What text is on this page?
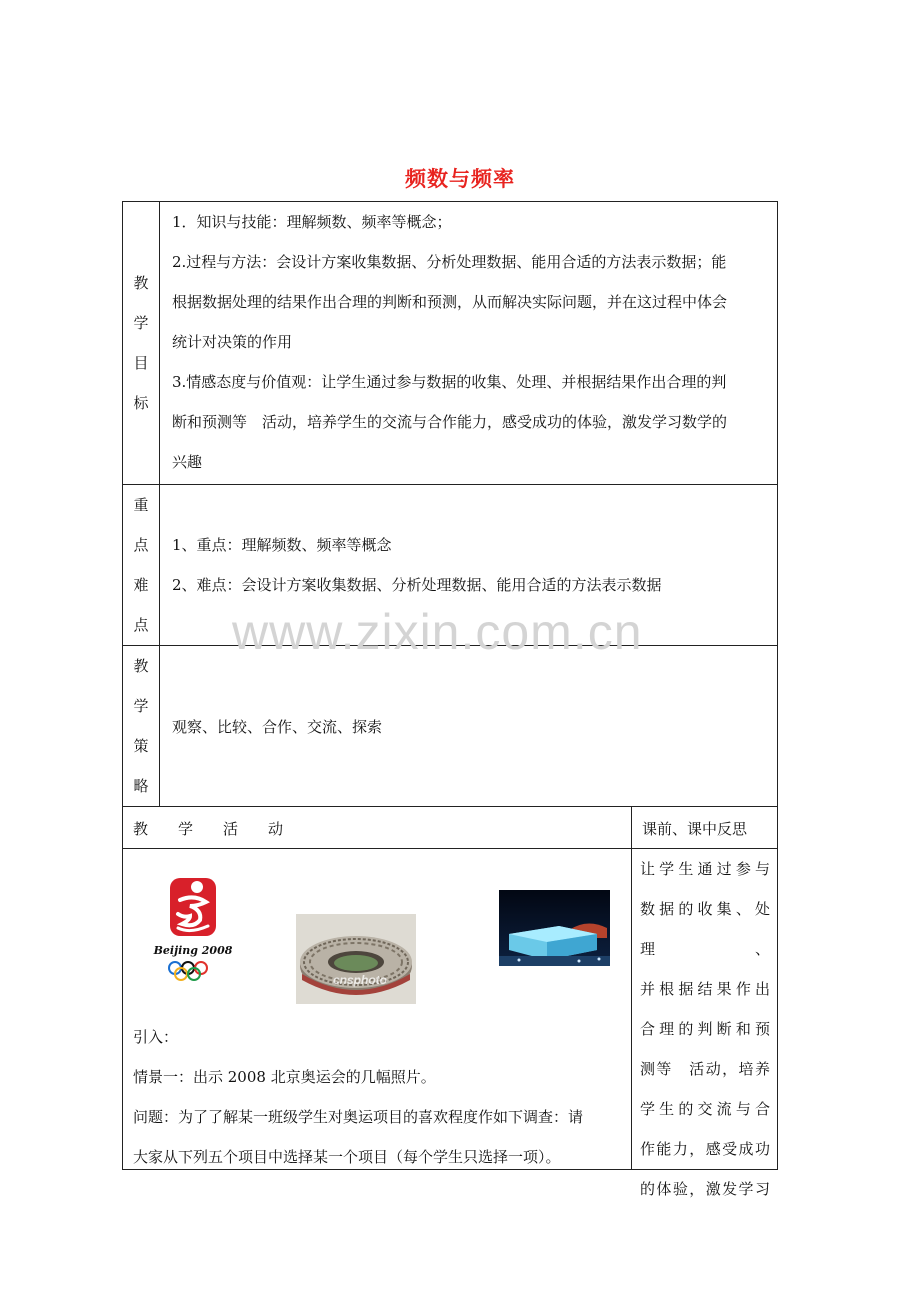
频数与频率
教
学
目
标
1．知识与技能：理解频数、频率等概念；
2.过程与方法：会设计方案收集数据、分析处理数据、能用合适的方法表示数据；能
根据数据处理的结果作出合理的判断和预测，从而解决实际问题，并在这过程中体会
统计对决策的作用
3.情感态度与价值观：让学生通过参与数据的收集、处理、并根据结果作出合理的判
断和预测等　活动，培养学生的交流与合作能力，感受成功的体验，激发学习数学的
兴趣
重
点
难
点
1、重点：理解频数、频率等概念
2、难点：会设计方案收集数据、分析处理数据、能用合适的方法表示数据
教
学
策
略
观察、比较、合作、交流、探索
教　　学　　活　　动	课前、课中反思
Beijing 2008
cnsphoto
引入：
情景一：出示 2008 北京奥运会的几幅照片。
问题：为了了解某一班级学生对奥运项目的喜欢程度作如下调查：请
大家从下列五个项目中选择某一个项目（每个学生只选择一项）。
让学生通过参与
数据的收集、处理、
并根据结果作出
合理的判断和预
测等　活动，培养
学生的交流与合
作能力，感受成功
的体验，激发学习
www.zixin.com.cn
